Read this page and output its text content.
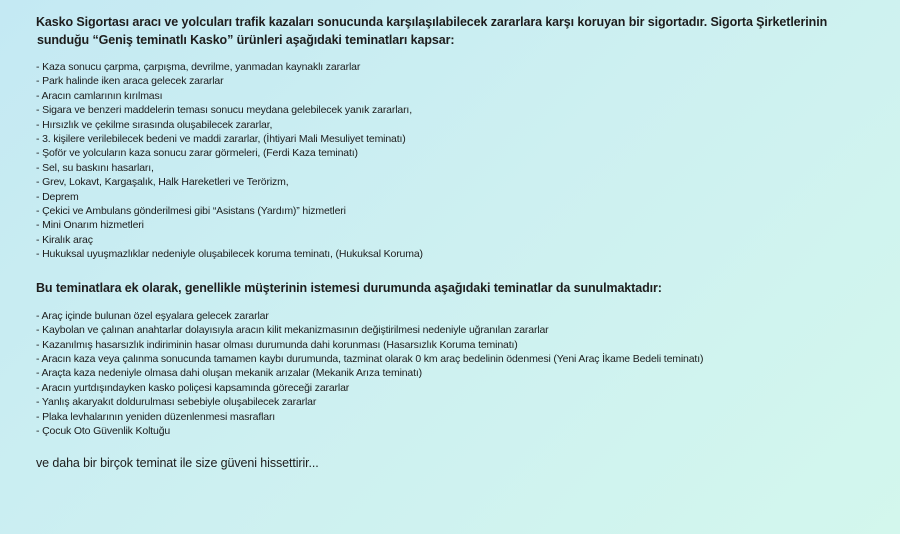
Kasko Sigortası aracı ve yolcuları trafik kazaları sonucunda karşılaşılabilecek zararlara karşı koruyan bir sigortadır. Sigorta Şirketlerinin
sunduğu “Geniş teminatlı Kasko” ürünleri aşağıdaki teminatları kapsar:

- Kaza sonucu çarpma, çarpışma, devrilme, yanmadan kaynaklı zararlar
- Park halinde iken araca gelecek zararlar
- Aracın camlarının kırılması
- Sigara ve benzeri maddelerin teması sonucu meydana gelebilecek yanık zararları,
- Hırsızlık ve çekilme sırasında oluşabilecek zararlar,
- 3. kişilere verilebilecek bedeni ve maddi zararlar, (İhtiyari Mali Mesuliyet teminatı)
- Şoför ve yolcuların kaza sonucu zarar görmeleri, (Ferdi Kaza teminatı)
- Sel, su baskını hasarları,
- Grev, Lokavt, Kargaşalık, Halk Hareketleri ve Terörizm,
- Deprem
- Çekici ve Ambulans gönderilmesi gibi “Asistans (Yardım)” hizmetleri
- Mini Onarım hizmetleri
- Kiralık araç
- Hukuksal uyuşmazlıklar nedeniyle oluşabilecek koruma teminatı, (Hukuksal Koruma)

Bu teminatlara ek olarak, genellikle müşterinin istemesi durumunda aşağıdaki teminatlar da sunulmaktadır:

- Araç içinde bulunan özel eşyalara gelecek zararlar
- Kaybolan ve çalınan anahtarlar dolayısıyla aracın kilit mekanizmasının değiştirilmesi nedeniyle uğranılan zararlar
- Kazanılmış hasarsızlık indiriminin hasar olması durumunda dahi korunması (Hasarsızlık Koruma teminatı)
- Aracın kaza veya çalınma sonucunda tamamen kaybı durumunda, tazminat olarak 0 km araç bedelinin ödenmesi (Yeni Araç İkame Bedeli teminatı)
- Araçta kaza nedeniyle olmasa dahi oluşan mekanik arızalar (Mekanik Arıza teminatı)
- Aracın yurtdışındayken kasko poliçesi kapsamında göreceği zararlar
- Yanlış akaryakıt doldurulması sebebiyle oluşabilecek zararlar
- Plaka levhalarının yeniden düzenlenmesi masrafları
- Çocuk Oto Güvenlik Koltuğu

ve daha bir birçok teminat ile size güveni hissettirir...
